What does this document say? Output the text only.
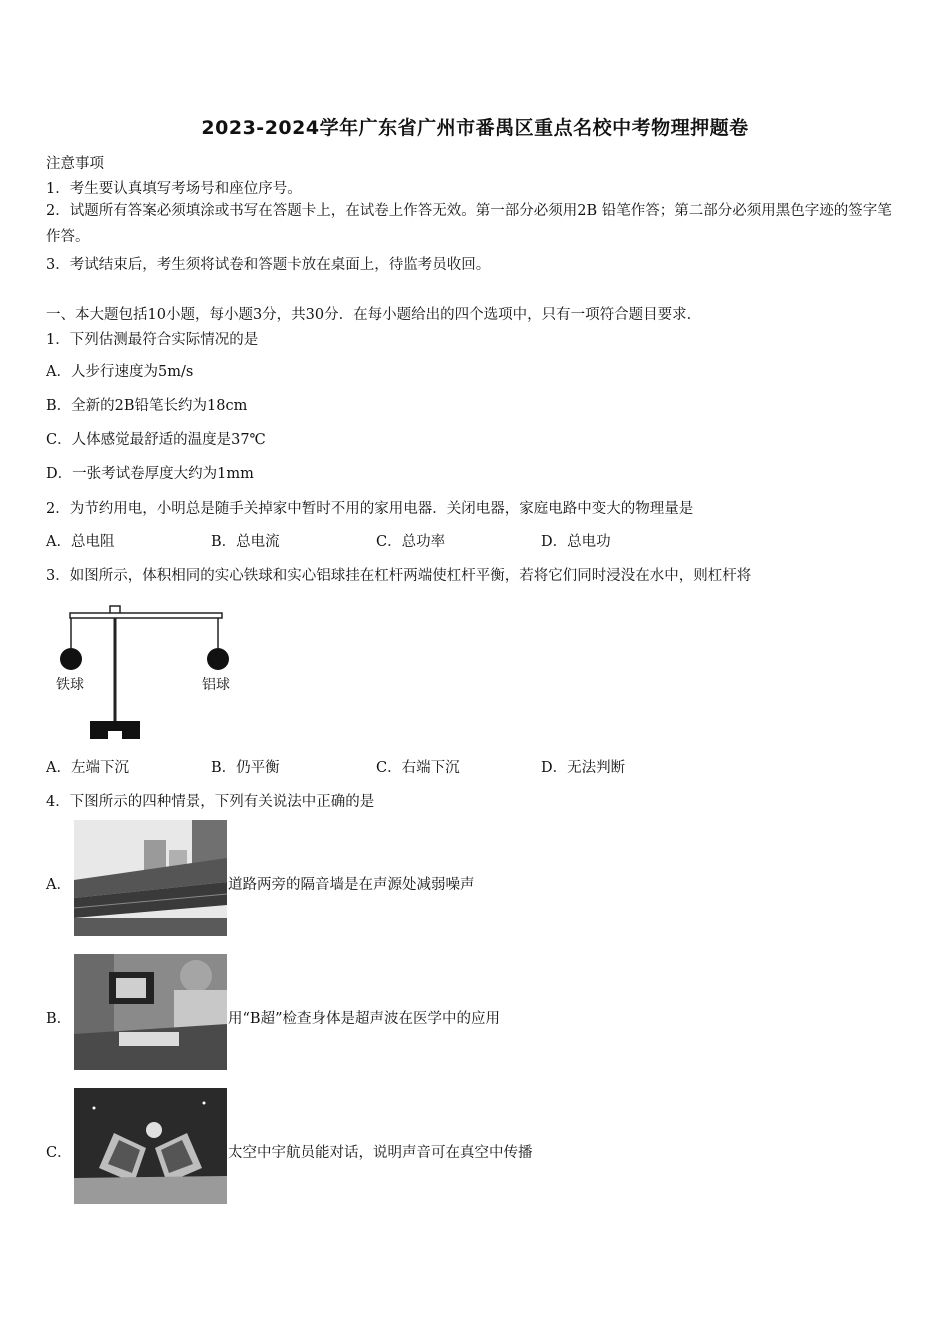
2023-2024学年广东省广州市番禺区重点名校中考物理押题卷
注意事项
1．考生要认真填写考场号和座位序号。
2．试题所有答案必须填涂或书写在答题卡上，在试卷上作答无效。第一部分必须用2B 铅笔作答；第二部分必须用黑色字迹的签字笔作答。
3．考试结束后，考生须将试卷和答题卡放在桌面上，待监考员收回。
一、本大题包括10小题，每小题3分，共30分．在每小题给出的四个选项中，只有一项符合题目要求．
1．下列估测最符合实际情况的是
A．人步行速度为5m/s
B．全新的2B铅笔长约为18cm
C．人体感觉最舒适的温度是37℃
D．一张考试卷厚度大约为1mm
2．为节约用电，小明总是随手关掉家中暂时不用的家用电器．关闭电器，家庭电路中变大的物理量是
A．总电阻	B．总电流	C．总功率	D．总电功
3．如图所示，体积相同的实心铁球和实心铝球挂在杠杆两端使杠杆平衡，若将它们同时浸没在水中，则杠杆将
铁球	铝球
A．左端下沉	B．仍平衡	C．右端下沉	D．无法判断
4．下图所示的四种情景，下列有关说法中正确的是
A．	道路两旁的隔音墙是在声源处减弱噪声
B．	用“B超”检查身体是超声波在医学中的应用
C．	太空中宇航员能对话，说明声音可在真空中传播
